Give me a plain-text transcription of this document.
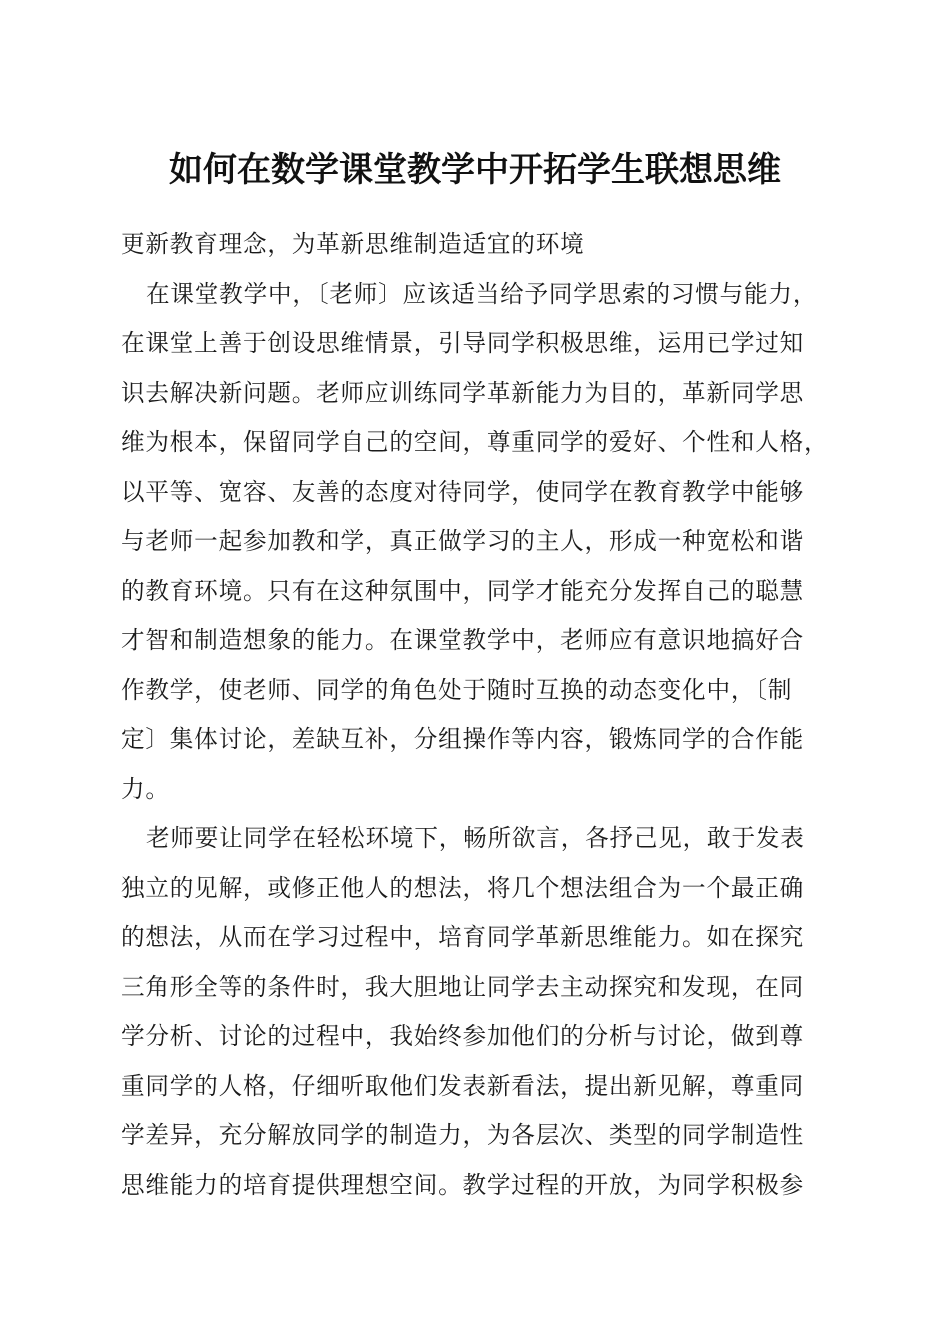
如何在数学课堂教学中开拓学生联想思维
更新教育理念，为革新思维制造适宜的环境
在课堂教学中，〔老师〕应该适当给予同学思索的习惯与能力，
在课堂上善于创设思维情景，引导同学积极思维，运用已学过知
识去解决新问题。老师应训练同学革新能力为目的，革新同学思
维为根本，保留同学自己的空间，尊重同学的爱好、个性和人格，
以平等、宽容、友善的态度对待同学，使同学在教育教学中能够
与老师一起参加教和学，真正做学习的主人，形成一种宽松和谐
的教育环境。只有在这种氛围中，同学才能充分发挥自己的聪慧
才智和制造想象的能力。在课堂教学中，老师应有意识地搞好合
作教学，使老师、同学的角色处于随时互换的动态变化中，〔制
定〕集体讨论，差缺互补，分组操作等内容，锻炼同学的合作能
力。
老师要让同学在轻松环境下，畅所欲言，各抒己见，敢于发表
独立的见解，或修正他人的想法，将几个想法组合为一个最正确
的想法，从而在学习过程中，培育同学革新思维能力。如在探究
三角形全等的条件时，我大胆地让同学去主动探究和发现，在同
学分析、讨论的过程中，我始终参加他们的分析与讨论，做到尊
重同学的人格，仔细听取他们发表新看法，提出新见解，尊重同
学差异，充分解放同学的制造力，为各层次、类型的同学制造性
思维能力的培育提供理想空间。教学过程的开放，为同学积极参
